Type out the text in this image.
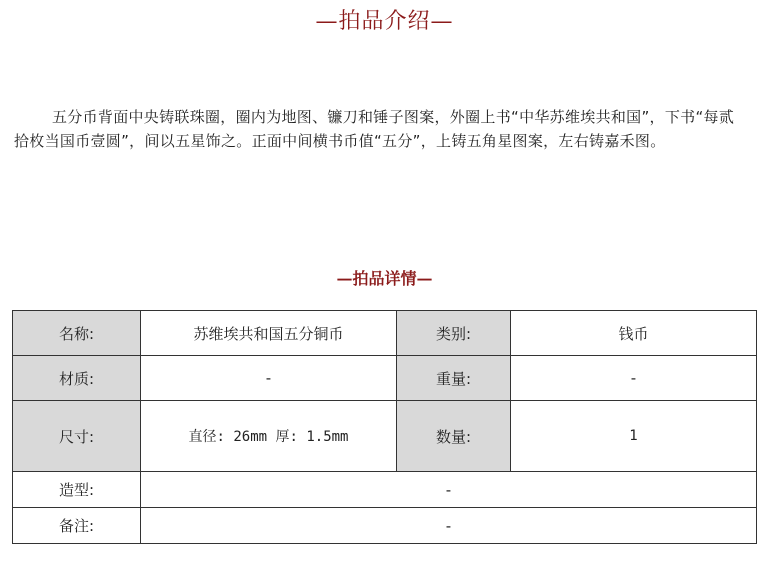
—拍品介绍—
五分币背面中央铸联珠圈，圈内为地图、镰刀和锤子图案，外圈上书“中华苏维埃共和国”，下书“每贰拾枚当国币壹圆”，间以五星饰之。正面中间横书币值“五分”，上铸五角星图案，左右铸嘉禾图。
—拍品详情—
名称:	苏维埃共和国五分铜币	类别:	钱币
材质:	-	重量:	-
尺寸:	直径: 26mm 厚: 1.5mm	数量:	1
造型:	-		
备注:	-		
